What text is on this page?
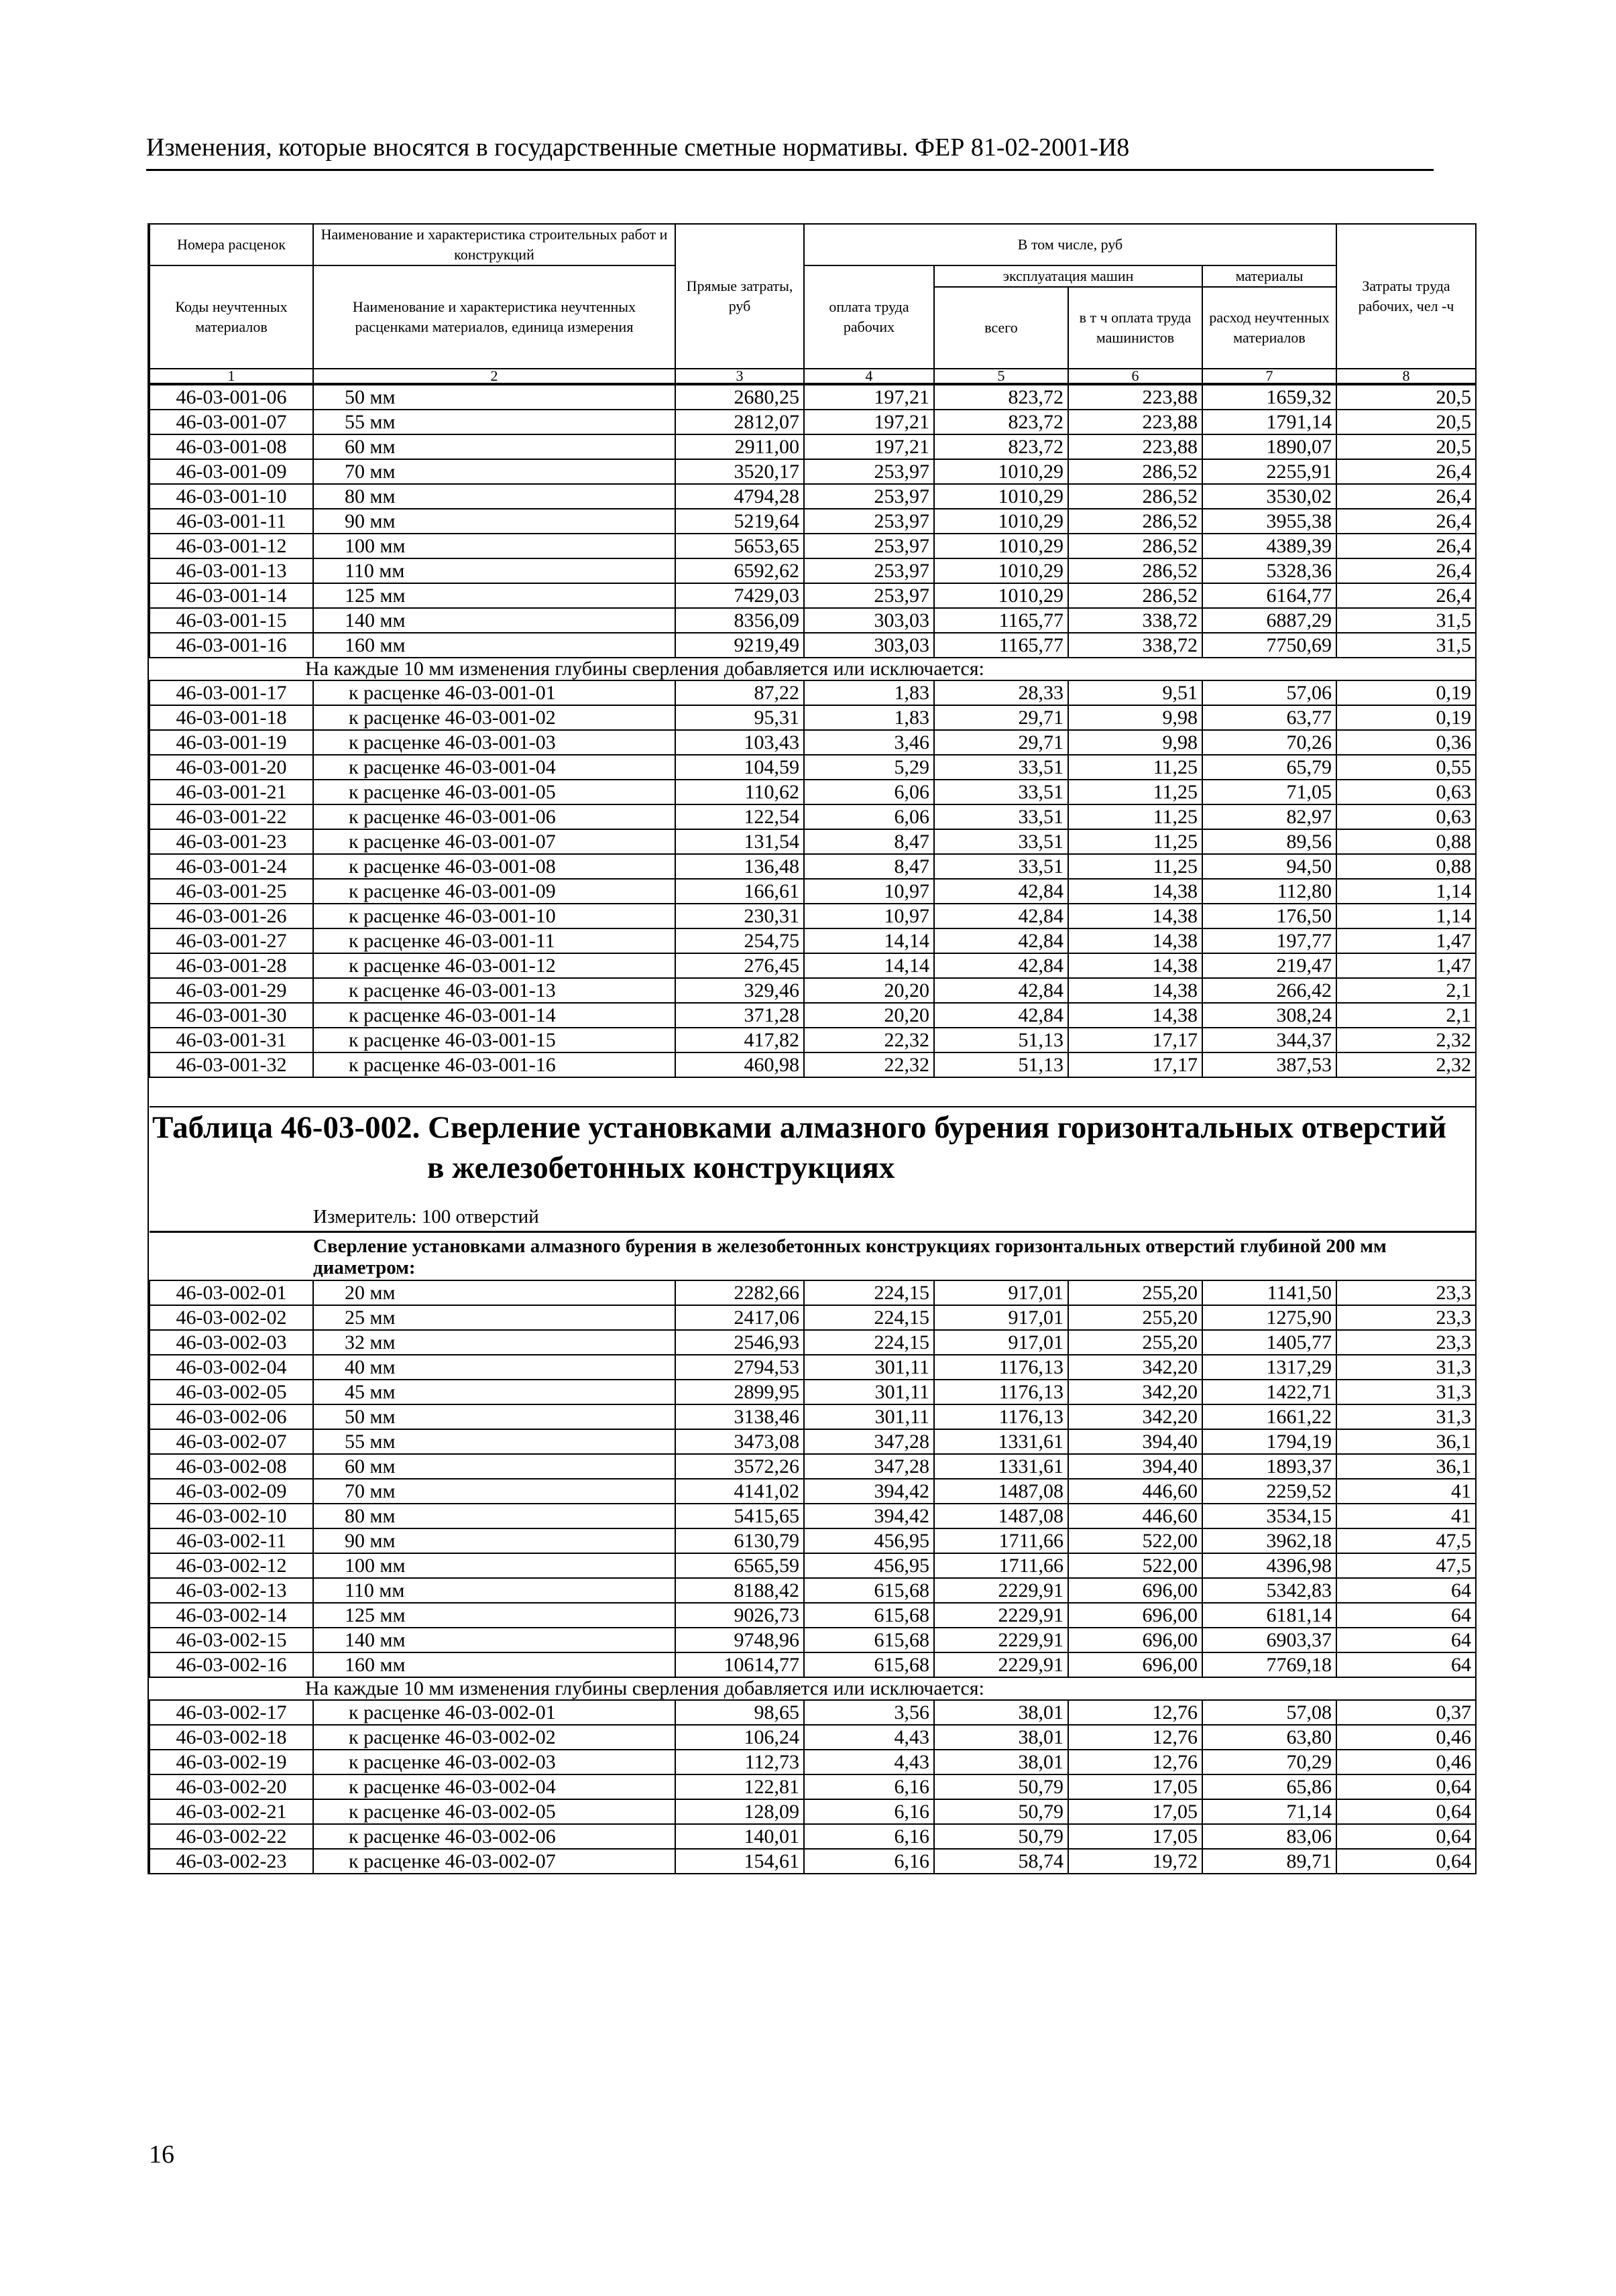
Изменения, которые вносятся в государственные сметные нормативы. ФЕР 81-02-2001-И8
Номера расценок	Наименование и характеристика строительных работ и конструкций	Прямые затраты, руб	В том числе, руб				Затраты труда рабочих, чел -ч
Коды неучтенных материалов	Наименование и характеристика неучтенных расценками материалов, единица измерения		оплата труда рабочих	эксплуатация машин		материалы	
				всего	в т ч оплата труда машинистов	расход неучтенных материалов	

1	2	3	4	5	6	7	8
46-03-001-06	50 мм	2680,25	197,21	823,72	223,88	1659,32	20,5
46-03-001-07	55 мм	2812,07	197,21	823,72	223,88	1791,14	20,5
46-03-001-08	60 мм	2911,00	197,21	823,72	223,88	1890,07	20,5
46-03-001-09	70 мм	3520,17	253,97	1010,29	286,52	2255,91	26,4
46-03-001-10	80 мм	4794,28	253,97	1010,29	286,52	3530,02	26,4
46-03-001-11	90 мм	5219,64	253,97	1010,29	286,52	3955,38	26,4
46-03-001-12	100 мм	5653,65	253,97	1010,29	286,52	4389,39	26,4
46-03-001-13	110 мм	6592,62	253,97	1010,29	286,52	5328,36	26,4
46-03-001-14	125 мм	7429,03	253,97	1010,29	286,52	6164,77	26,4
46-03-001-15	140 мм	8356,09	303,03	1165,77	338,72	6887,29	31,5
46-03-001-16	160 мм	9219,49	303,03	1165,77	338,72	7750,69	31,5
На каждые 10 мм изменения глубины сверления добавляется или исключается:							
46-03-001-17	к расценке 46-03-001-01	87,22	1,83	28,33	9,51	57,06	0,19
46-03-001-18	к расценке 46-03-001-02	95,31	1,83	29,71	9,98	63,77	0,19
46-03-001-19	к расценке 46-03-001-03	103,43	3,46	29,71	9,98	70,26	0,36
46-03-001-20	к расценке 46-03-001-04	104,59	5,29	33,51	11,25	65,79	0,55
46-03-001-21	к расценке 46-03-001-05	110,62	6,06	33,51	11,25	71,05	0,63
46-03-001-22	к расценке 46-03-001-06	122,54	6,06	33,51	11,25	82,97	0,63
46-03-001-23	к расценке 46-03-001-07	131,54	8,47	33,51	11,25	89,56	0,88
46-03-001-24	к расценке 46-03-001-08	136,48	8,47	33,51	11,25	94,50	0,88
46-03-001-25	к расценке 46-03-001-09	166,61	10,97	42,84	14,38	112,80	1,14
46-03-001-26	к расценке 46-03-001-10	230,31	10,97	42,84	14,38	176,50	1,14
46-03-001-27	к расценке 46-03-001-11	254,75	14,14	42,84	14,38	197,77	1,47
46-03-001-28	к расценке 46-03-001-12	276,45	14,14	42,84	14,38	219,47	1,47
46-03-001-29	к расценке 46-03-001-13	329,46	20,20	42,84	14,38	266,42	2,1
46-03-001-30	к расценке 46-03-001-14	371,28	20,20	42,84	14,38	308,24	2,1
46-03-001-31	к расценке 46-03-001-15	417,82	22,32	51,13	17,17	344,37	2,32
46-03-001-32	к расценке 46-03-001-16	460,98	22,32	51,13	17,17	387,53	2,32

Таблица 46-03-002. Сверление установками алмазного бурения горизонтальных отверстий
в железобетонных конструкциях
Измеритель: 100 отверстий							

Сверление установками алмазного бурения в железобетонных конструкциях горизонтальных отверстий глубиной 200 мм диаметром:							
46-03-002-01	20 мм	2282,66	224,15	917,01	255,20	1141,50	23,3
46-03-002-02	25 мм	2417,06	224,15	917,01	255,20	1275,90	23,3
46-03-002-03	32 мм	2546,93	224,15	917,01	255,20	1405,77	23,3
46-03-002-04	40 мм	2794,53	301,11	1176,13	342,20	1317,29	31,3
46-03-002-05	45 мм	2899,95	301,11	1176,13	342,20	1422,71	31,3
46-03-002-06	50 мм	3138,46	301,11	1176,13	342,20	1661,22	31,3
46-03-002-07	55 мм	3473,08	347,28	1331,61	394,40	1794,19	36,1
46-03-002-08	60 мм	3572,26	347,28	1331,61	394,40	1893,37	36,1
46-03-002-09	70 мм	4141,02	394,42	1487,08	446,60	2259,52	41
46-03-002-10	80 мм	5415,65	394,42	1487,08	446,60	3534,15	41
46-03-002-11	90 мм	6130,79	456,95	1711,66	522,00	3962,18	47,5
46-03-002-12	100 мм	6565,59	456,95	1711,66	522,00	4396,98	47,5
46-03-002-13	110 мм	8188,42	615,68	2229,91	696,00	5342,83	64
46-03-002-14	125 мм	9026,73	615,68	2229,91	696,00	6181,14	64
46-03-002-15	140 мм	9748,96	615,68	2229,91	696,00	6903,37	64
46-03-002-16	160 мм	10614,77	615,68	2229,91	696,00	7769,18	64
На каждые 10 мм изменения глубины сверления добавляется или исключается:							
46-03-002-17	к расценке 46-03-002-01	98,65	3,56	38,01	12,76	57,08	0,37
46-03-002-18	к расценке 46-03-002-02	106,24	4,43	38,01	12,76	63,80	0,46
46-03-002-19	к расценке 46-03-002-03	112,73	4,43	38,01	12,76	70,29	0,46
46-03-002-20	к расценке 46-03-002-04	122,81	6,16	50,79	17,05	65,86	0,64
46-03-002-21	к расценке 46-03-002-05	128,09	6,16	50,79	17,05	71,14	0,64
46-03-002-22	к расценке 46-03-002-06	140,01	6,16	50,79	17,05	83,06	0,64
46-03-002-23	к расценке 46-03-002-07	154,61	6,16	58,74	19,72	89,71	0,64
16
